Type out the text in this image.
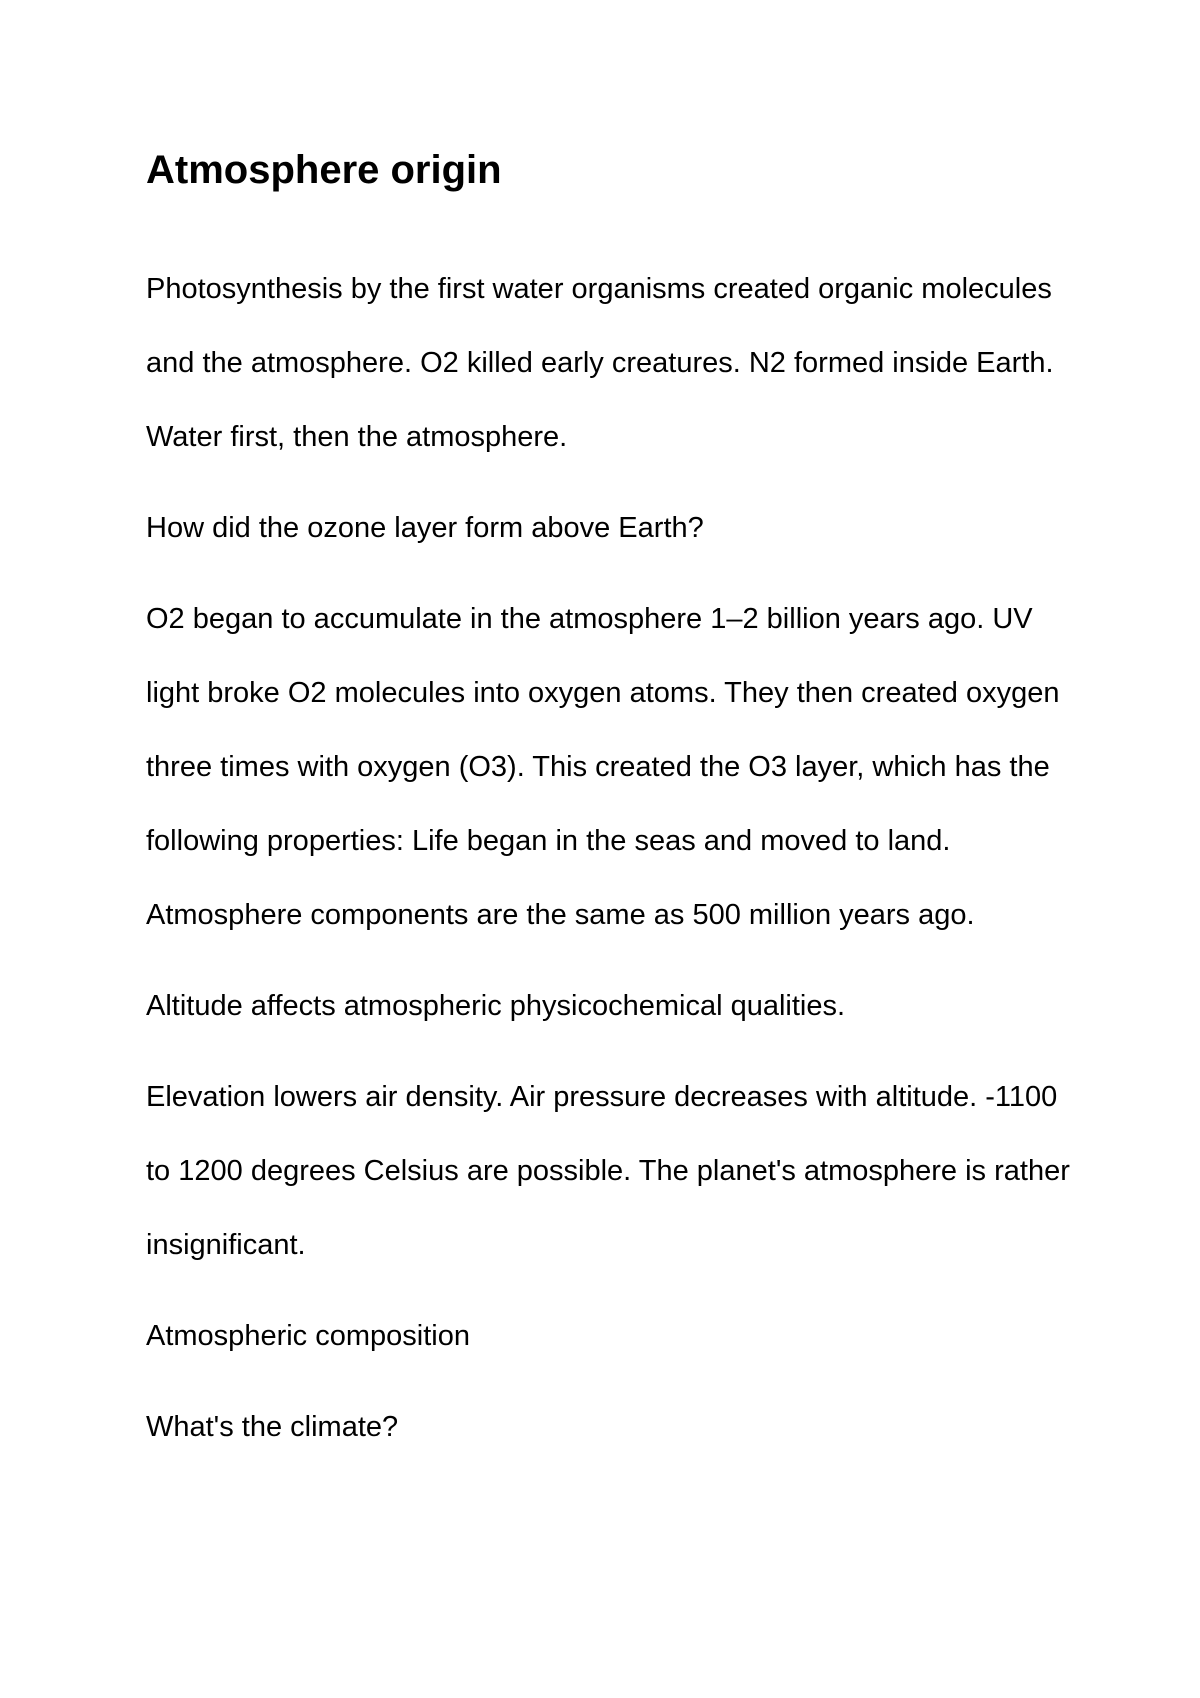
Atmosphere origin

Photosynthesis by the first water organisms created organic molecules and the atmosphere. O2 killed early creatures. N2 formed inside Earth. Water first, then the atmosphere.

How did the ozone layer form above Earth?

O2 began to accumulate in the atmosphere 1–2 billion years ago. UV light broke O2 molecules into oxygen atoms. They then created oxygen three times with oxygen (O3). This created the O3 layer, which has the following properties: Life began in the seas and moved to land. Atmosphere components are the same as 500 million years ago.

Altitude affects atmospheric physicochemical qualities.

Elevation lowers air density. Air pressure decreases with altitude. -1100 to 1200 degrees Celsius are possible. The planet's atmosphere is rather insignificant.

Atmospheric composition

What's the climate?
